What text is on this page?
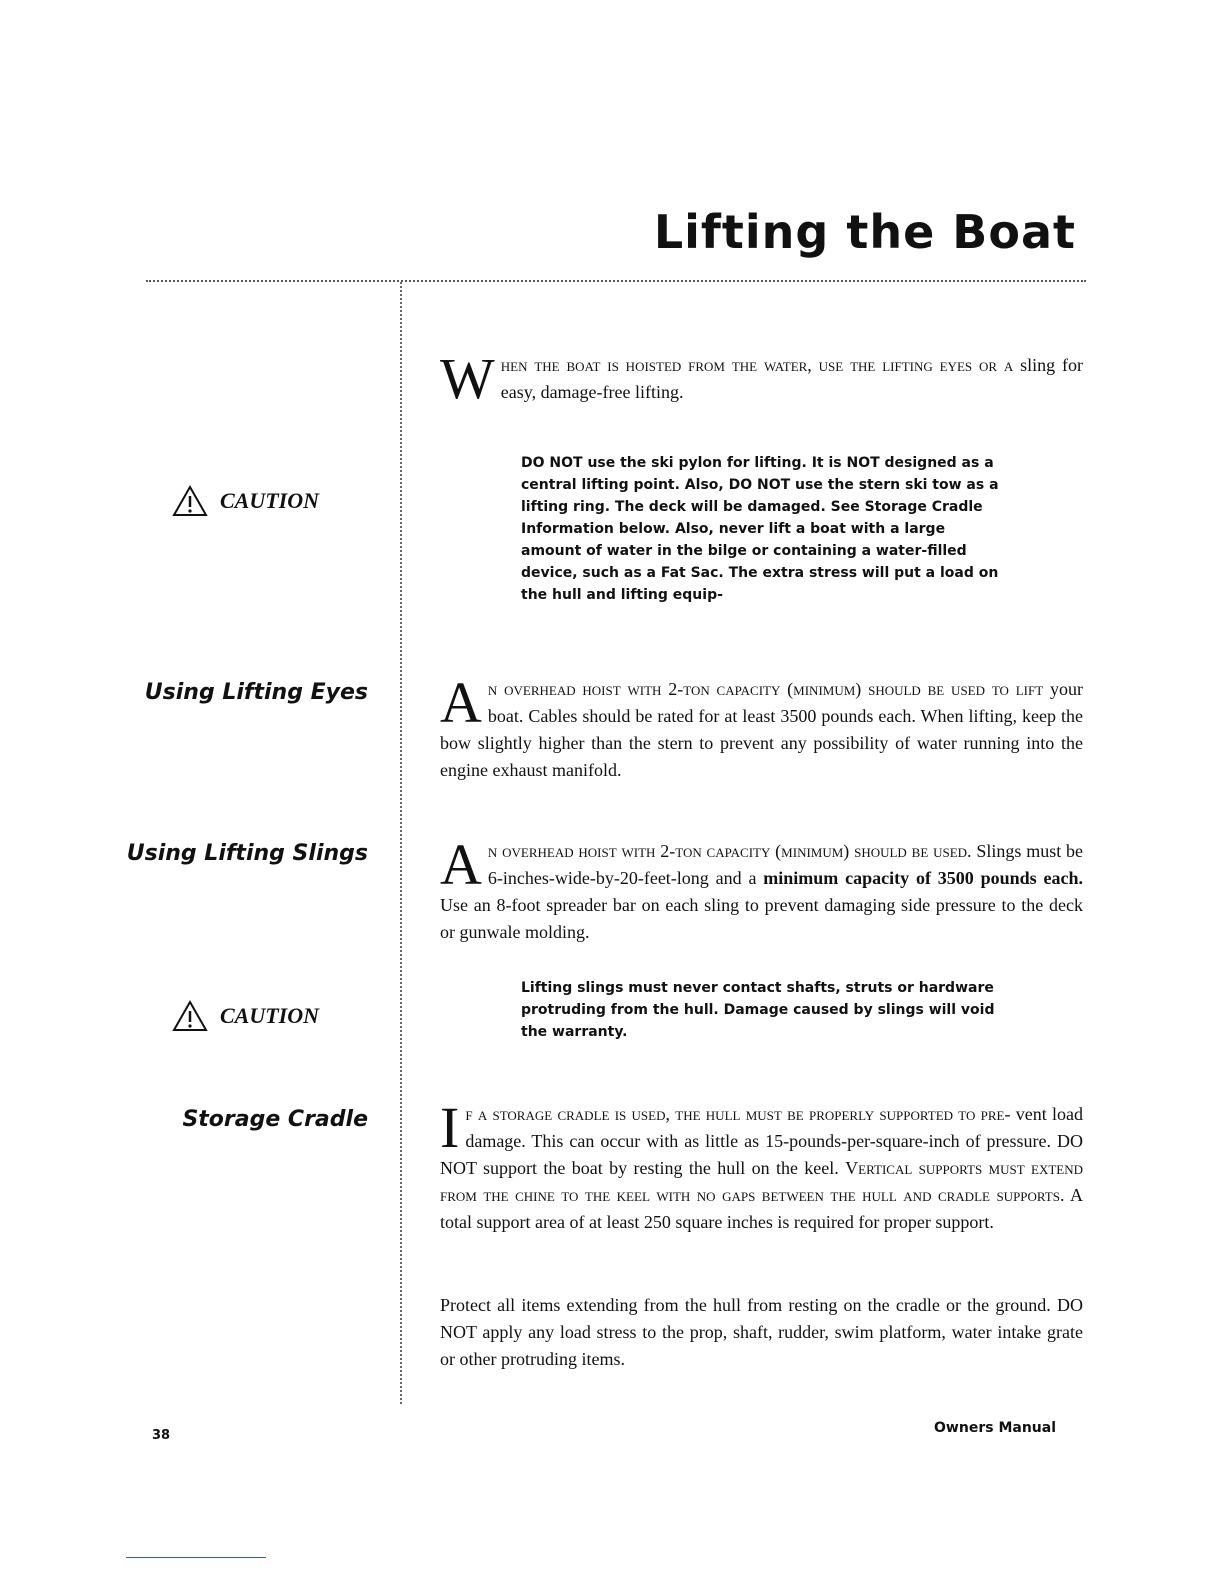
Lifting the Boat
CAUTION
Using Lifting Eyes
Using Lifting Slings
CAUTION
Storage Cradle

When the boat is hoisted from the water, use the lifting eyes or a sling for easy, damage-free lifting.

DO NOT use the ski pylon for lifting. It is NOT designed as a central lifting point. Also, DO NOT use the stern ski tow as a lifting ring. The deck will be damaged. See Storage Cradle Information below. Also, never lift a boat with a large amount of water in the bilge or containing a water-filled device, such as a Fat Sac. The extra stress will put a load on the hull and lifting equip-

An overhead hoist with 2-ton capacity (minimum) should be used to lift your boat. Cables should be rated for at least 3500 pounds each. When lifting, keep the bow slightly higher than the stern to prevent any possibility of water running into the engine exhaust manifold.

An overhead hoist with 2-ton capacity (minimum) should be used. Slings must be 6-inches-wide-by-20-feet-long and a minimum capacity of 3500 pounds each. Use an 8-foot spreader bar on each sling to prevent damaging side pressure to the deck or gunwale molding.

Lifting slings must never contact shafts, struts or hardware protruding from the hull. Damage caused by slings will void the warranty.

If a storage cradle is used, the hull must be properly supported to pre- vent load damage. This can occur with as little as 15-pounds-per-square-inch of pressure. DO NOT support the boat by resting the hull on the keel. Vertical supports must extend from the chine to the keel with no gaps between the hull and cradle supports. A total support area of at least 250 square inches is required for proper support.

Protect all items extending from the hull from resting on the cradle or the ground. DO NOT apply any load stress to the prop, shaft, rudder, swim platform, water intake grate or other protruding items.

38	Owners Manual
